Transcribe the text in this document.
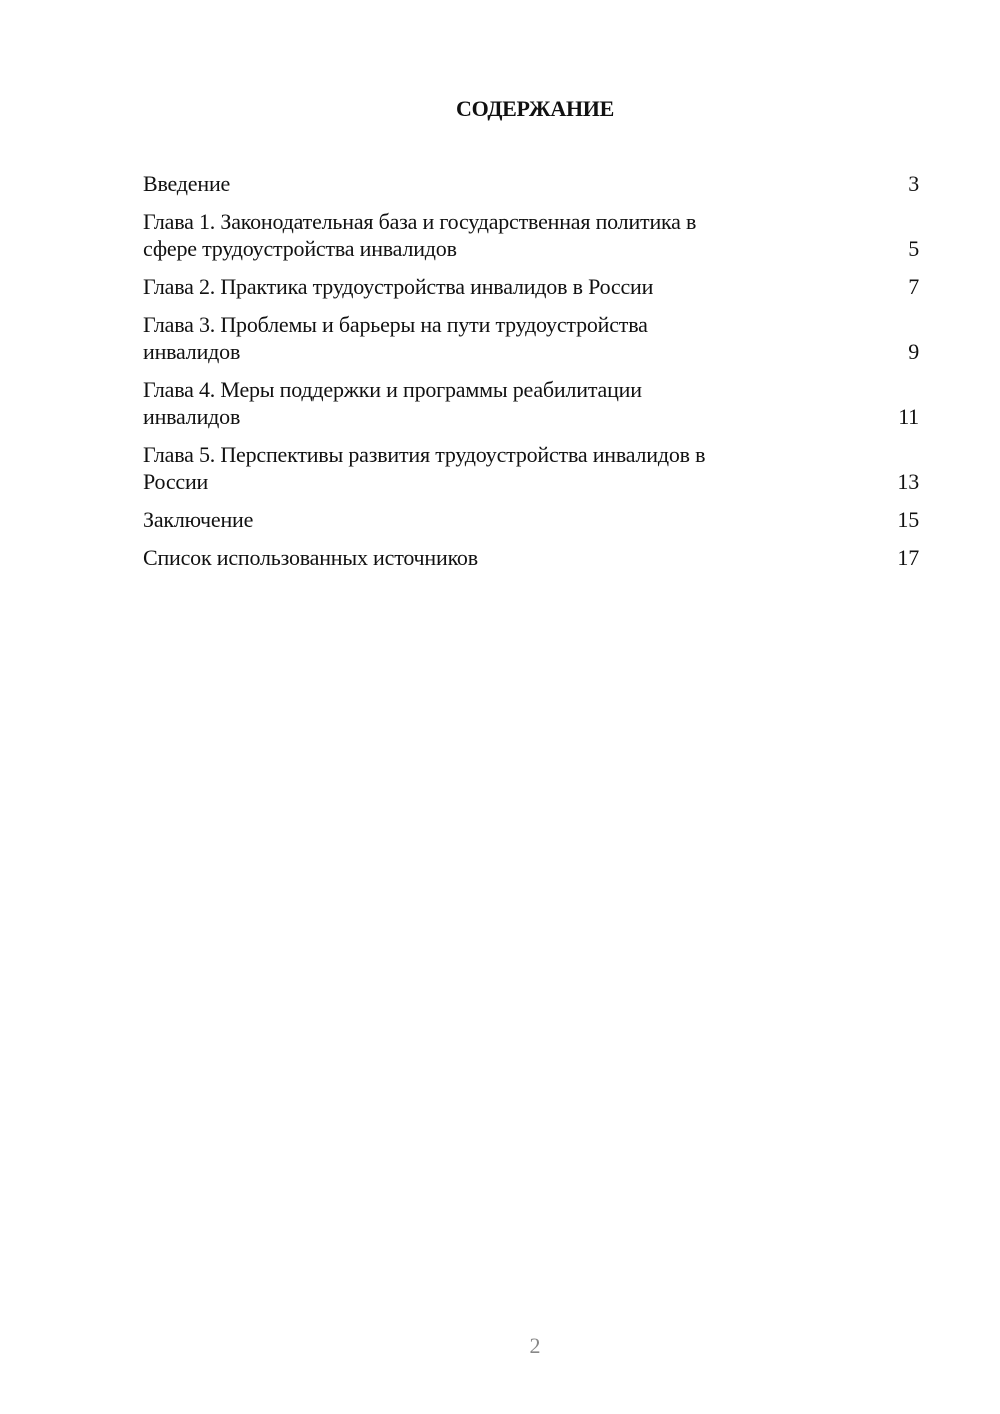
СОДЕРЖАНИЕ
Введение	3
Глава 1. Законодательная база и государственная политика в
сфере трудоустройства инвалидов	5
Глава 2. Практика трудоустройства инвалидов в России	7
Глава 3. Проблемы и барьеры на пути трудоустройства
инвалидов	9
Глава 4. Меры поддержки и программы реабилитации
инвалидов	11
Глава 5. Перспективы развития трудоустройства инвалидов в
России	13
Заключение	15
Список использованных источников	17
2
